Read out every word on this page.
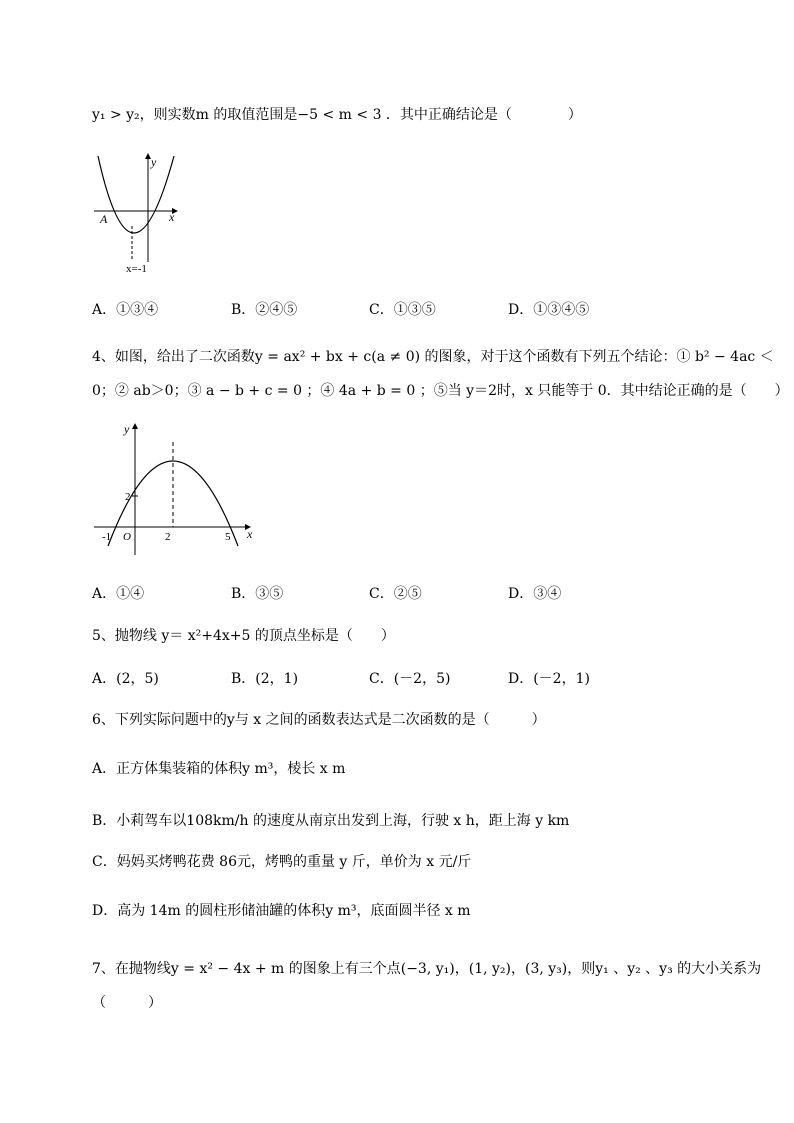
y₁ > y₂，则实数m 的取值范围是−5 < m < 3 ．其中正确结论是（　　　　）
y
x
A
x=-1
A．①③④	B．②④⑤	C．①③⑤	D．①③④⑤
4、如图，给出了二次函数y = ax² + bx + c(a ≠ 0) 的图象，对于这个函数有下列五个结论：① b² − 4ac ＜
0；② ab＞0；③ a − b + c = 0 ；④ 4a + b = 0 ；⑤当 y＝2时，x 只能等于 0．其中结论正确的是（　　）
y
x
2
-1 O	2	5
A．①④	B．③⑤	C．②⑤	D．③④
5、抛物线 y＝ x²+4x+5 的顶点坐标是（　　）
A．(2，5)	B．(2，1)	C．(－2，5)	D．(－2，1)
6、下列实际问题中的y与 x 之间的函数表达式是二次函数的是（　　　）
A．正方体集装箱的体积y m³，棱长 x m
B．小莉驾车以108km/h 的速度从南京出发到上海，行驶 x h，距上海 y km
C．妈妈买烤鸭花费 86元，烤鸭的重量 y 斤，单价为 x 元/斤
D．高为 14m 的圆柱形储油罐的体积y m³，底面圆半径 x m
7、在抛物线y = x² − 4x + m 的图象上有三个点(−3, y₁)，(1, y₂)，(3, y₃)，则y₁ 、y₂ 、y₃ 的大小关系为
（　　　）
